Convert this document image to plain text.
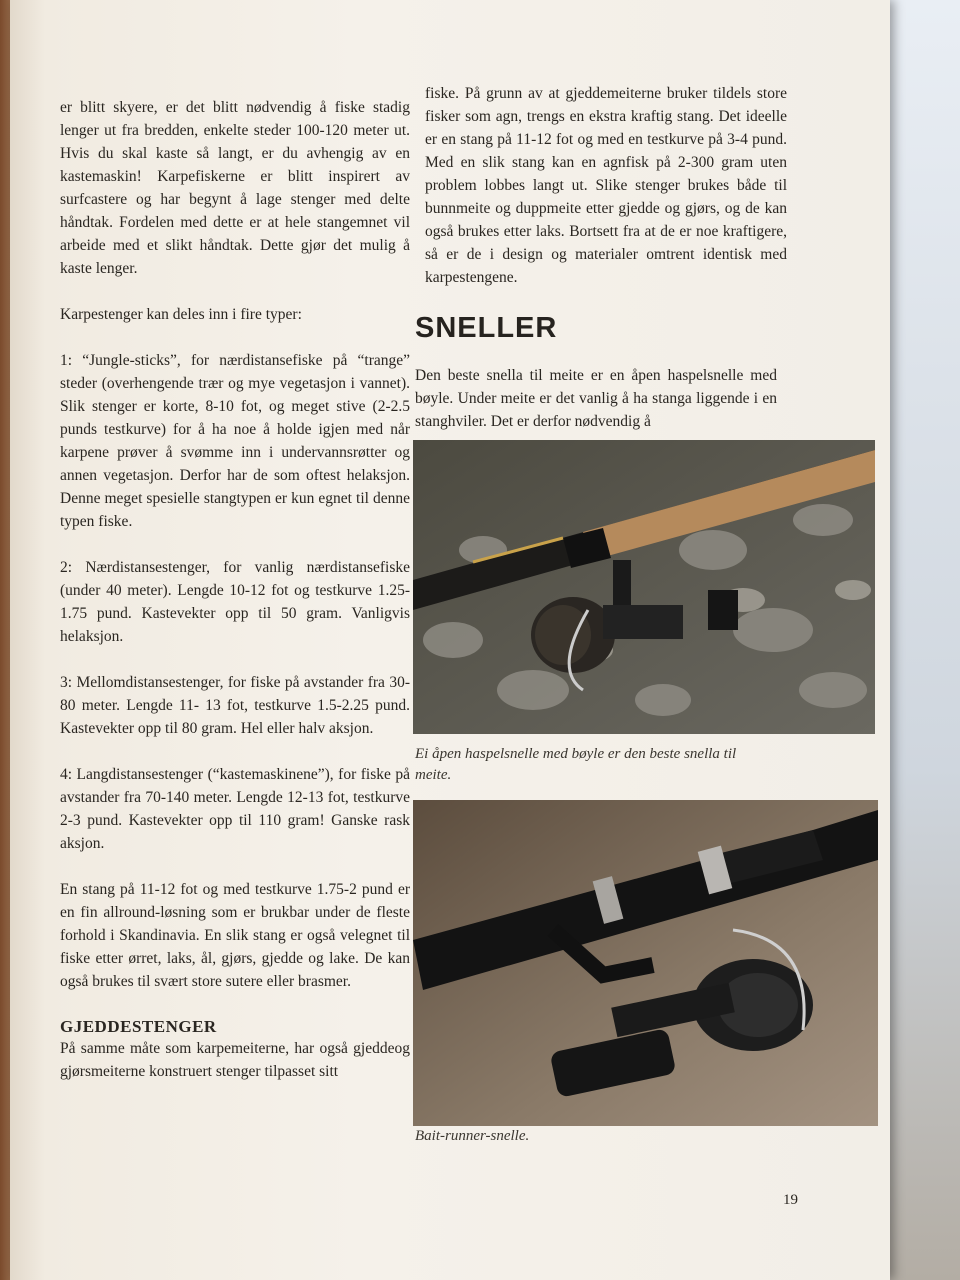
er blitt skyere, er det blitt nødvendig å fiske stadig lenger ut fra bredden, enkelte steder 100-120 meter ut. Hvis du skal kaste så langt, er du avhengig av en kastemaskin! Karpefiskerne er blitt inspirert av surfcastere og har begynt å lage stenger med delte håndtak. Fordelen med dette er at hele stangemnet vil arbeide med et slikt håndtak. Dette gjør det mulig å kaste lenger.

Karpestenger kan deles inn i fire typer:

1: “Jungle-sticks”, for nærdistansefiske på “trange” steder (overhengende trær og mye vegetasjon i vannet). Slik stenger er korte, 8-10 fot, og meget stive (2-2.5 punds testkurve) for å ha noe å holde igjen med når karpene prøver å svømme inn i undervannsrøtter og annen vegetasjon. Derfor har de som oftest helaksjon. Denne meget spesielle stangtypen er kun egnet til denne typen fiske.

2: Nærdistansestenger, for vanlig nærdistansefiske (under 40 meter). Lengde 10-12 fot og testkurve 1.25-1.75 pund. Kastevekter opp til 50 gram. Vanligvis helaksjon.

3: Mellomdistansestenger, for fiske på avstander fra 30-80 meter. Lengde 11- 13 fot, testkurve 1.5-2.25 pund. Kastevekter opp til 80 gram. Hel eller halv aksjon.

4: Langdistansestenger (“kastemaskinene”), for fiske på avstander fra 70-140 meter. Lengde 12-13 fot, testkurve 2-3 pund. Kastevekter opp til 110 gram! Ganske rask aksjon.

En stang på 11-12 fot og med testkurve 1.75-2 pund er en fin allround-løsning som er brukbar under de fleste forhold i Skandinavia. En slik stang er også velegnet til fiske etter ørret, laks, ål, gjørs, gjedde og lake. De kan også brukes til svært store sutere eller brasmer.

GJEDDESTENGER

På samme måte som karpemeiterne, har også gjeddeog gjørsmeiterne konstruert stenger tilpasset sitt

fiske. På grunn av at gjeddemeiterne bruker tildels store fisker som agn, trengs en ekstra kraftig stang. Det ideelle er en stang på 11-12 fot og med en testkurve på 3-4 pund. Med en slik stang kan en agnfisk på 2-300 gram uten problem lobbes langt ut. Slike stenger brukes både til bunnmeite og duppmeite etter gjedde og gjørs, og de kan også brukes etter laks. Bortsett fra at de er noe kraftigere, så er de i design og materialer omtrent identisk med karpestengene.

SNELLER
Den beste snella til meite er en åpen haspelsnelle med bøyle. Under meite er det vanlig å ha stanga liggende i en stanghviler. Det er derfor nødvendig å
Ei åpen haspelsnelle med bøyle er den beste snella til meite.
Bait-runner-snelle.
19
